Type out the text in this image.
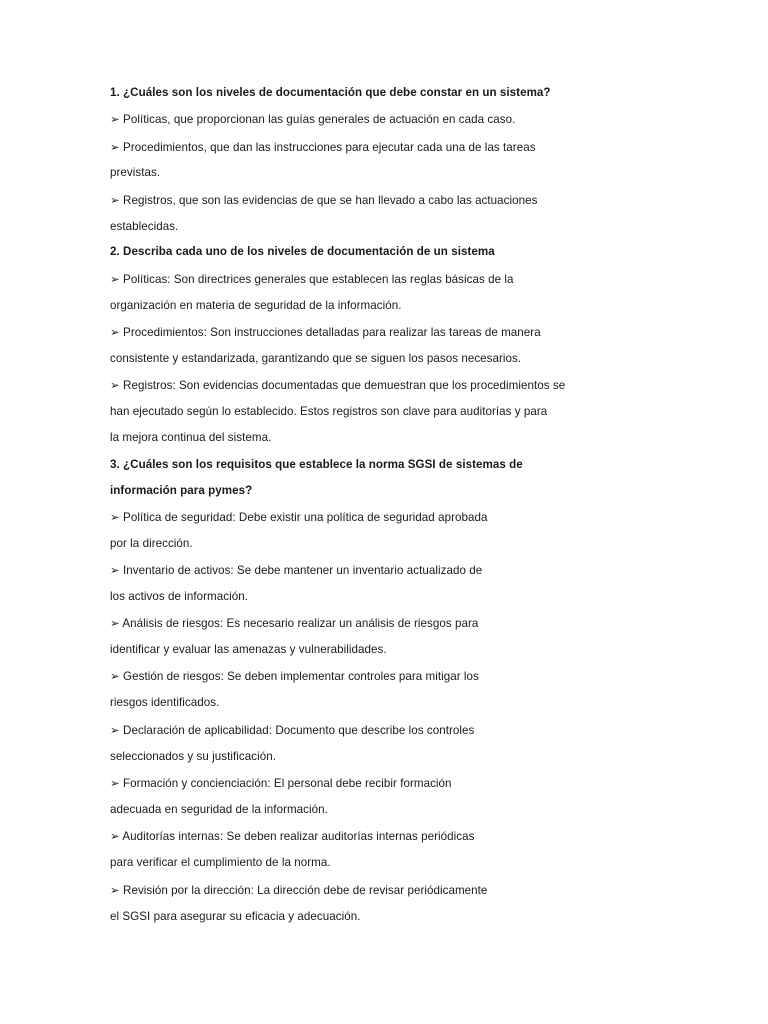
1. ¿Cuáles son los niveles de documentación que debe constar en un sistema?
➢ Políticas, que proporcionan las guías generales de actuación en cada caso.
➢ Procedimientos, que dan las instrucciones para ejecutar cada una de las tareas
previstas.
➢ Registros, que son las evidencias de que se han llevado a cabo las actuaciones
establecidas.
2. Describa cada uno de los niveles de documentación de un sistema
➢ Políticas: Son directrices generales que establecen las reglas básicas de la
organización en materia de seguridad de la información.
➢ Procedimientos: Son instrucciones detalladas para realizar las tareas de manera
consistente y estandarizada, garantizando que se siguen los pasos necesarios.
➢ Registros: Son evidencias documentadas que demuestran que los procedimientos se
han ejecutado según lo establecido. Estos registros son clave para auditorías y para
la mejora continua del sistema.
3. ¿Cuáles son los requisitos que establece la norma SGSI de sistemas de
información para pymes?
➢ Política de seguridad: Debe existir una política de seguridad aprobada
por la dirección.
➢ Inventario de activos: Se debe mantener un inventario actualizado de
los activos de información.
➢ Análisis de riesgos: Es necesario realizar un análisis de riesgos para
identificar y evaluar las amenazas y vulnerabilidades.
➢ Gestión de riesgos: Se deben implementar controles para mitigar los
riesgos identificados.
➢ Declaración de aplicabilidad: Documento que describe los controles
seleccionados y su justificación.
➢ Formación y concienciación: El personal debe recibir formación
adecuada en seguridad de la información.
➢ Auditorías internas: Se deben realizar auditorías internas periódicas
para verificar el cumplimiento de la norma.
➢ Revisión por la dirección: La dirección debe de revisar periódicamente
el SGSI para asegurar su eficacia y adecuación.
